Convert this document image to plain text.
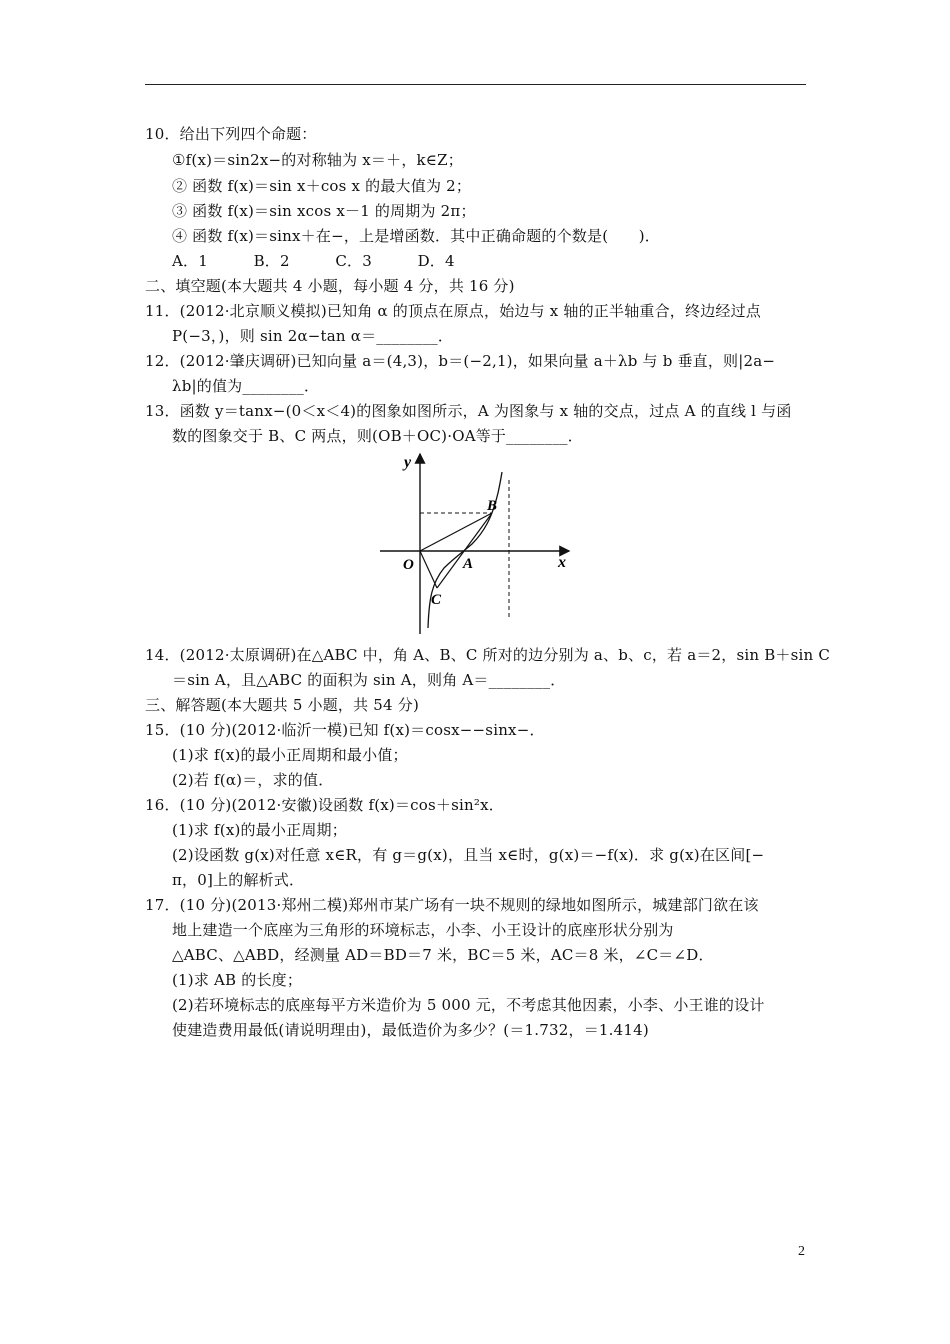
10．给出下列四个命题：
①f(x)＝sin2x−的对称轴为 x＝＋，k∈Z；
② 函数 f(x)＝sin x＋cos x 的最大值为 2；
③ 函数 f(x)＝sin xcos x－1 的周期为 2π；
④ 函数 f(x)＝sinx＋在−，上是增函数．其中正确命题的个数是(　　)．
A．1　　　B．2　　　C．3　　　D．4
二、填空题(本大题共 4 小题，每小题 4 分，共 16 分)
11．(2012·北京顺义模拟)已知角 α 的顶点在原点，始边与 x 轴的正半轴重合，终边经过点
P(−3，)，则 sin 2α−tan α＝________．
12．(2012·肇庆调研)已知向量 a＝(4,3)，b＝(−2,1)，如果向量 a＋λb 与 b 垂直，则|2a−
λb|的值为________．
13．函数 y＝tanx−(0＜x＜4)的图象如图所示，A 为图象与 x 轴的交点，过点 A 的直线 l 与函
数的图象交于 B、C 两点，则(OB＋OC)·OA等于________．
y
x
O	A
B
C
14．(2012·太原调研)在△ABC 中，角 A、B、C 所对的边分别为 a、b、c，若 a＝2，sin B＋sin C
＝sin A，且△ABC 的面积为 sin A，则角 A＝________．
三、解答题(本大题共 5 小题，共 54 分)
15．(10 分)(2012·临沂一模)已知 f(x)＝cosx−−sinx−．
(1)求 f(x)的最小正周期和最小值；
(2)若 f(α)＝，求的值．
16．(10 分)(2012·安徽)设函数 f(x)＝cos＋sin²x．
(1)求 f(x)的最小正周期；
(2)设函数 g(x)对任意 x∈R，有 g＝g(x)，且当 x∈时，g(x)＝−f(x)．求 g(x)在区间[−
π，0]上的解析式．
17．(10 分)(2013·郑州二模)郑州市某广场有一块不规则的绿地如图所示，城建部门欲在该
地上建造一个底座为三角形的环境标志，小李、小王设计的底座形状分别为
△ABC、△ABD，经测量 AD＝BD＝7 米，BC＝5 米，AC＝8 米，∠C＝∠D．
(1)求 AB 的长度；
(2)若环境标志的底座每平方米造价为 5 000 元，不考虑其他因素，小李、小王谁的设计
使建造费用最低(请说明理由)，最低造价为多少？(＝1.732，＝1.414)
2
